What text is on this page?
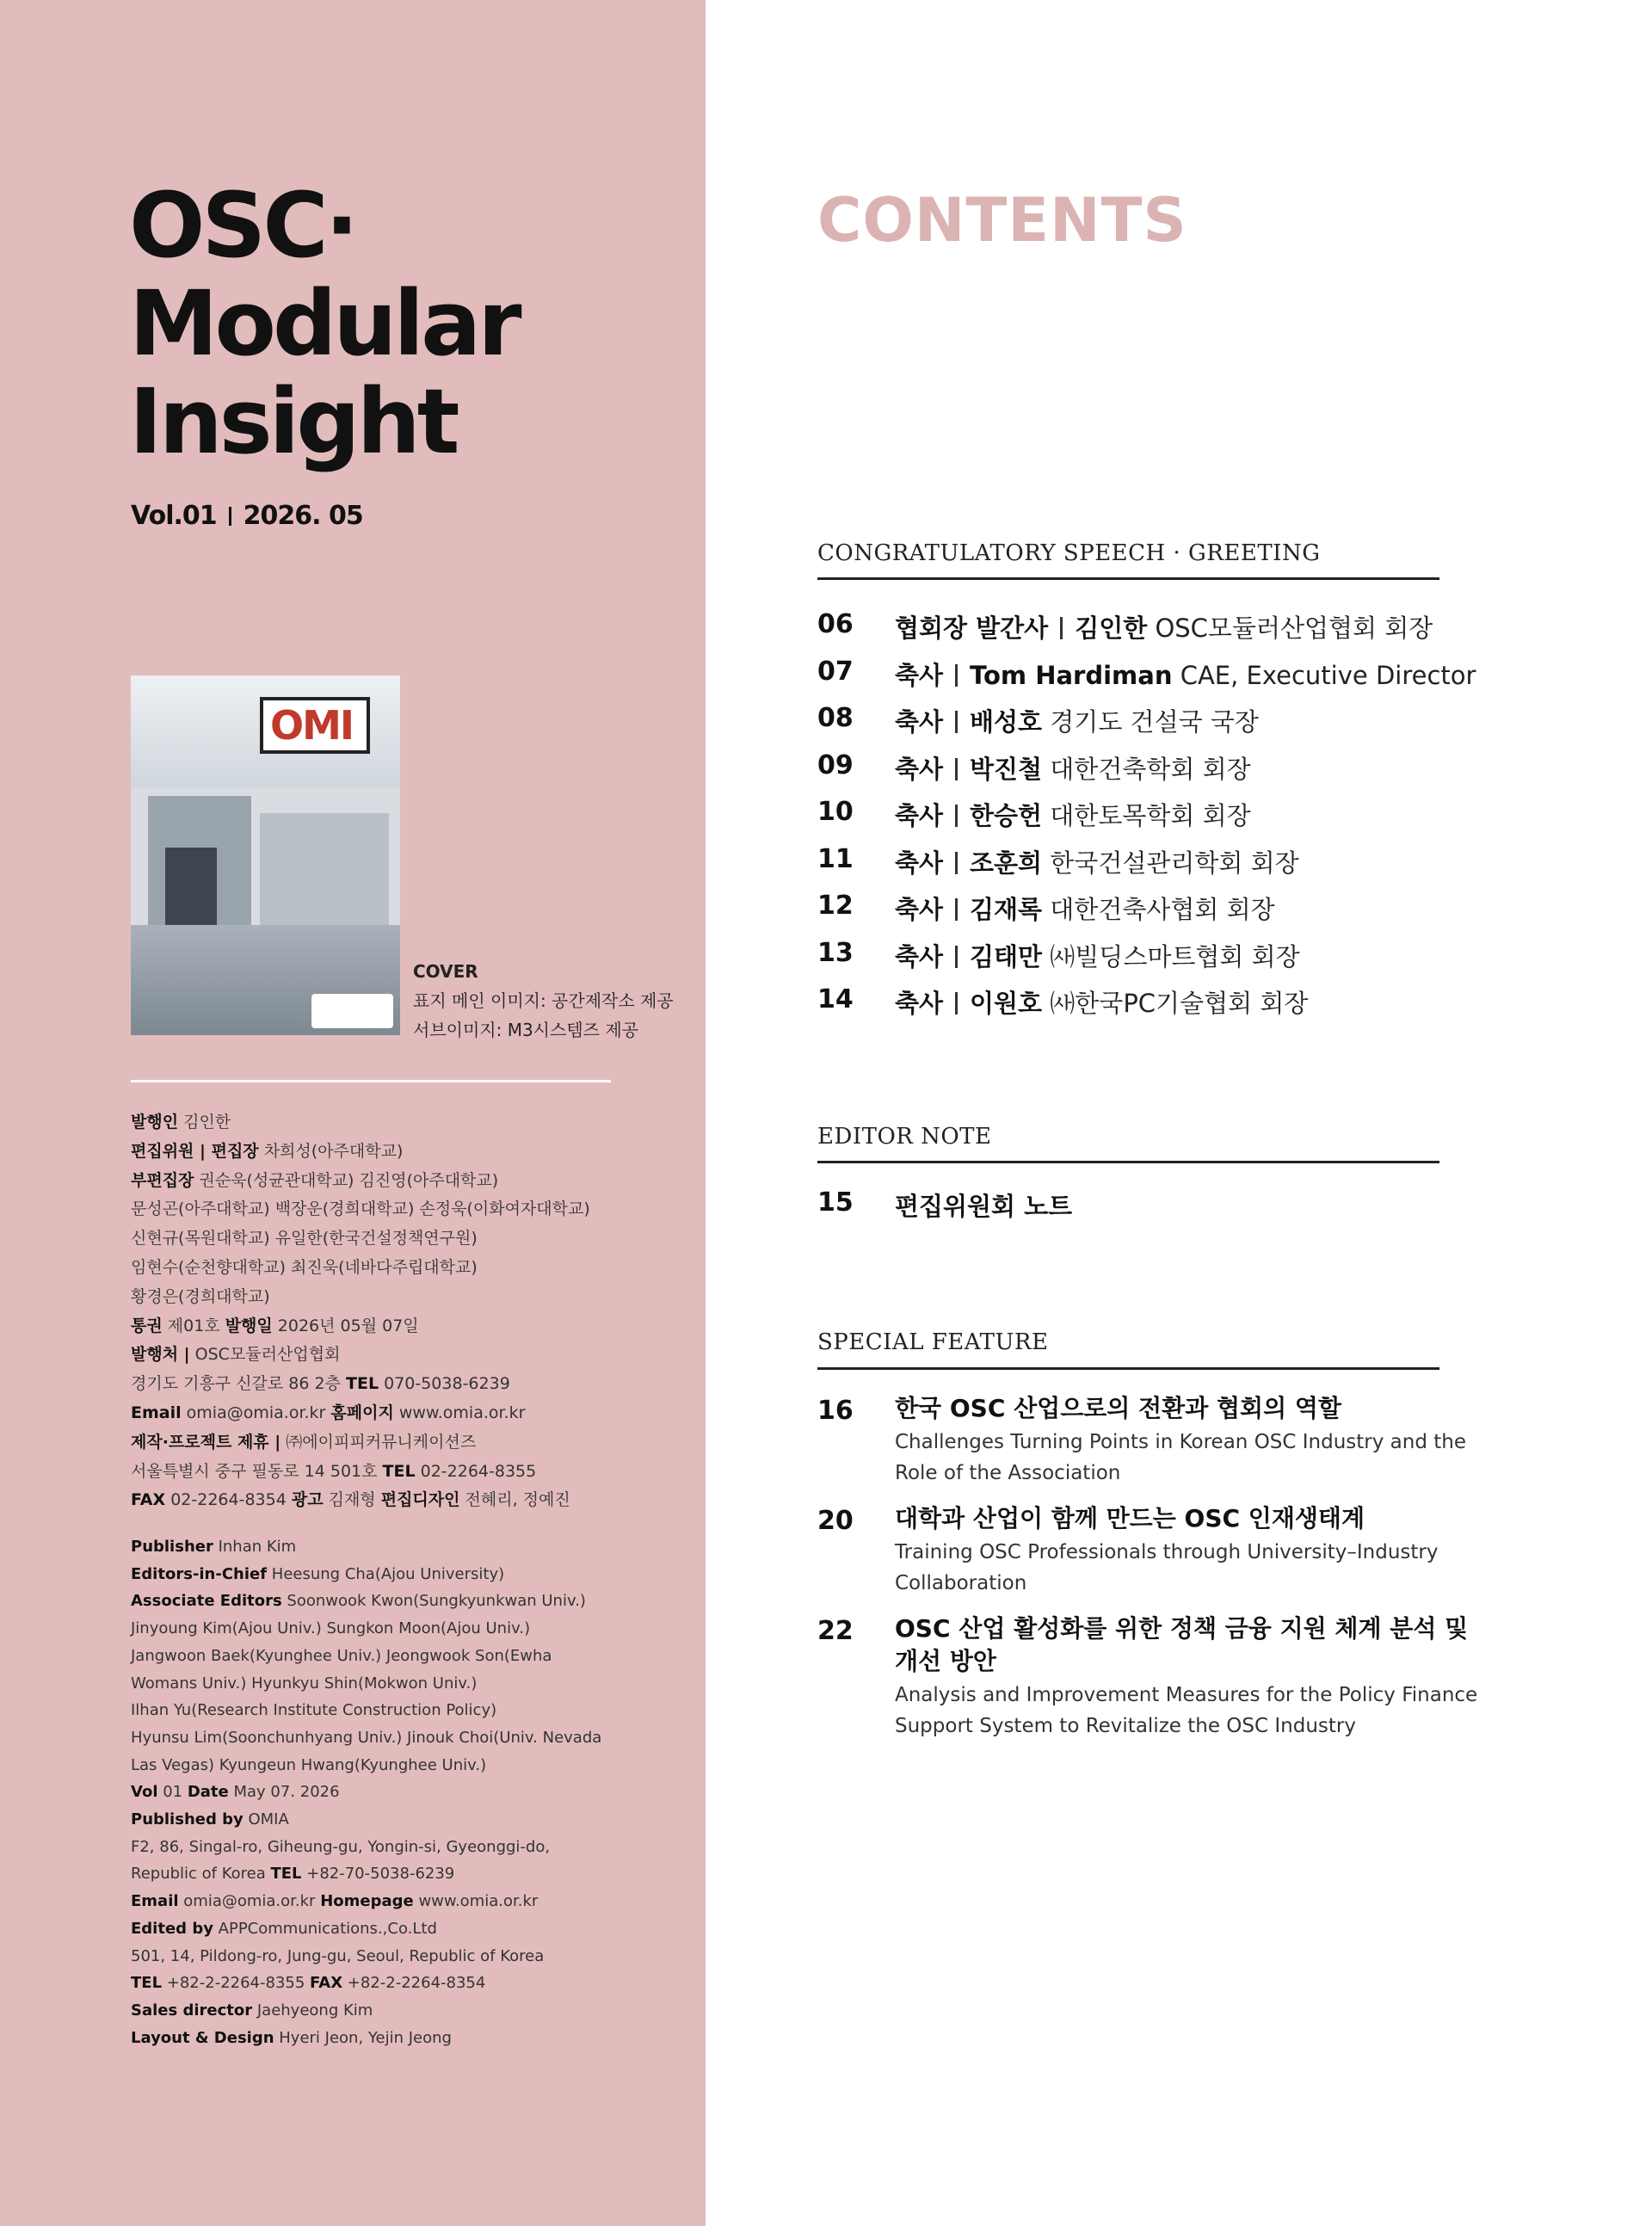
OSC·
Modular
Insight
Vol.01 2026. 05
OMI
COVER
표지 메인 이미지: 공간제작소 제공
서브이미지: M3시스템즈 제공
발행인 김인한
편집위원 | 편집장 차희성(아주대학교)
부편집장 권순욱(성균관대학교) 김진영(아주대학교)
문성곤(아주대학교) 백장운(경희대학교) 손정욱(이화여자대학교)
신현규(목원대학교) 유일한(한국건설정책연구원)
임현수(순천향대학교) 최진욱(네바다주립대학교)
황경은(경희대학교)
통권 제01호 발행일 2026년 05월 07일
발행처 | OSC모듈러산업협회
경기도 기흥구 신갈로 86 2층 TEL 070-5038-6239
Email omia@omia.or.kr 홈페이지 www.omia.or.kr
제작·프로젝트 제휴 | ㈜에이피피커뮤니케이션즈
서울특별시 중구 필동로 14 501호 TEL 02-2264-8355
FAX 02-2264-8354 광고 김재형 편집디자인 전혜리, 정예진
Publisher Inhan Kim
Editors-in-Chief Heesung Cha(Ajou University)
Associate Editors Soonwook Kwon(Sungkyunkwan Univ.)
Jinyoung Kim(Ajou Univ.) Sungkon Moon(Ajou Univ.)
Jangwoon Baek(Kyunghee Univ.) Jeongwook Son(Ewha
Womans Univ.) Hyunkyu Shin(Mokwon Univ.)
Ilhan Yu(Research Institute Construction Policy)
Hyunsu Lim(Soonchunhyang Univ.) Jinouk Choi(Univ. Nevada
Las Vegas) Kyungeun Hwang(Kyunghee Univ.)
Vol 01 Date May 07. 2026
Published by OMIA
F2, 86, Singal-ro, Giheung-gu, Yongin-si, Gyeonggi-do,
Republic of Korea TEL +82-70-5038-6239
Email omia@omia.or.kr Homepage www.omia.or.kr
Edited by APPCommunications.,Co.Ltd
501, 14, Pildong-ro, Jung-gu, Seoul, Republic of Korea
TEL +82-2-2264-8355 FAX +82-2-2264-8354
Sales director Jaehyeong Kim
Layout & Design Hyeri Jeon, Yejin Jeong
CONTENTS
CONGRATULATORY SPEECH · GREETING
06 협회장 발간사 김인한 OSC모듈러산업협회 회장
07 축사 Tom Hardiman CAE, Executive Director
08 축사 배성호 경기도 건설국 국장
09 축사 박진철 대한건축학회 회장
10 축사 한승헌 대한토목학회 회장
11 축사 조훈희 한국건설관리학회 회장
12 축사 김재록 대한건축사협회 회장
13 축사 김태만 ㈔빌딩스마트협회 회장
14 축사 이원호 ㈔한국PC기술협회 회장
EDITOR NOTE
15 편집위원회 노트
SPECIAL FEATURE
16 한국 OSC 산업으로의 전환과 협회의 역할
Challenges Turning Points in Korean OSC Industry and the
Role of the Association
20 대학과 산업이 함께 만드는 OSC 인재생태계
Training OSC Professionals through University–Industry
Collaboration
22 OSC 산업 활성화를 위한 정책 금융 지원 체계 분석 및
개선 방안
Analysis and Improvement Measures for the Policy Finance
Support System to Revitalize the OSC Industry
